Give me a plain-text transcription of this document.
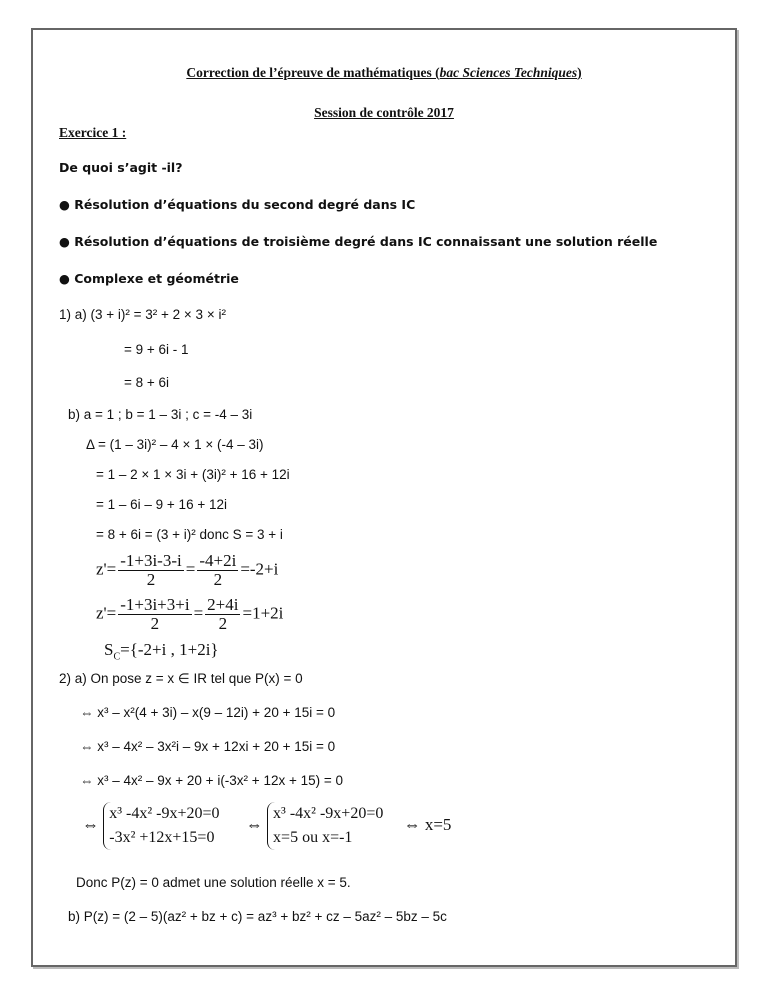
Correction de l’épreuve de mathématiques (bac Sciences Techniques)
Session de contrôle 2017
Exercice 1 :
De quoi s’agit -il?
● Résolution d’équations du second degré dans IC
● Résolution d’équations de troisième degré dans IC connaissant une solution réelle
● Complexe et géométrie
1) a) (3 + i)² = 3² + 2 × 3 × i²
= 9 + 6i - 1
= 8 + 6i
b) a = 1 ; b = 1 – 3i ; c = -4 – 3i
Δ = (1 – 3i)² – 4 × 1 × (-4 – 3i)
= 1 – 2 × 1 × 3i + (3i)² + 16 + 12i
= 1 – 6i – 9 + 16 + 12i
= 8 + 6i = (3 + i)² donc S = 3 + i
$z'= \frac{-1+3i-3-i}{2} = \frac{-4+2i}{2} =-2+i$
$z'= \frac{-1+3i+3+i}{2} = \frac{2+4i}{2} =1+2i$
$S_C=\{-2+i$ , 1+2i}
2) a) On pose z = x ∈ IR tel que P(x) = 0
⇔ x³ – x²(4 + 3i) – x(9 – 12i) + 20 + 15i = 0
⇔ x³ – 4x² – 3x²i – 9x + 12xi + 20 + 15i = 0
⇔ x³ – 4x² – 9x + 20 + i(-3x² + 12x + 15) = 0
⇔
x³ -4x² -9x+20=0
-3x² +12x+15=0
⇔
x³ -4x² -9x+20=0
x=5 ou x=-1
⇔ x=5
Donc P(z) = 0 admet une solution réelle x = 5.
b) P(z) = (2 – 5)(az² + bz + c) = az³ + bz² + cz – 5az² – 5bz – 5c
